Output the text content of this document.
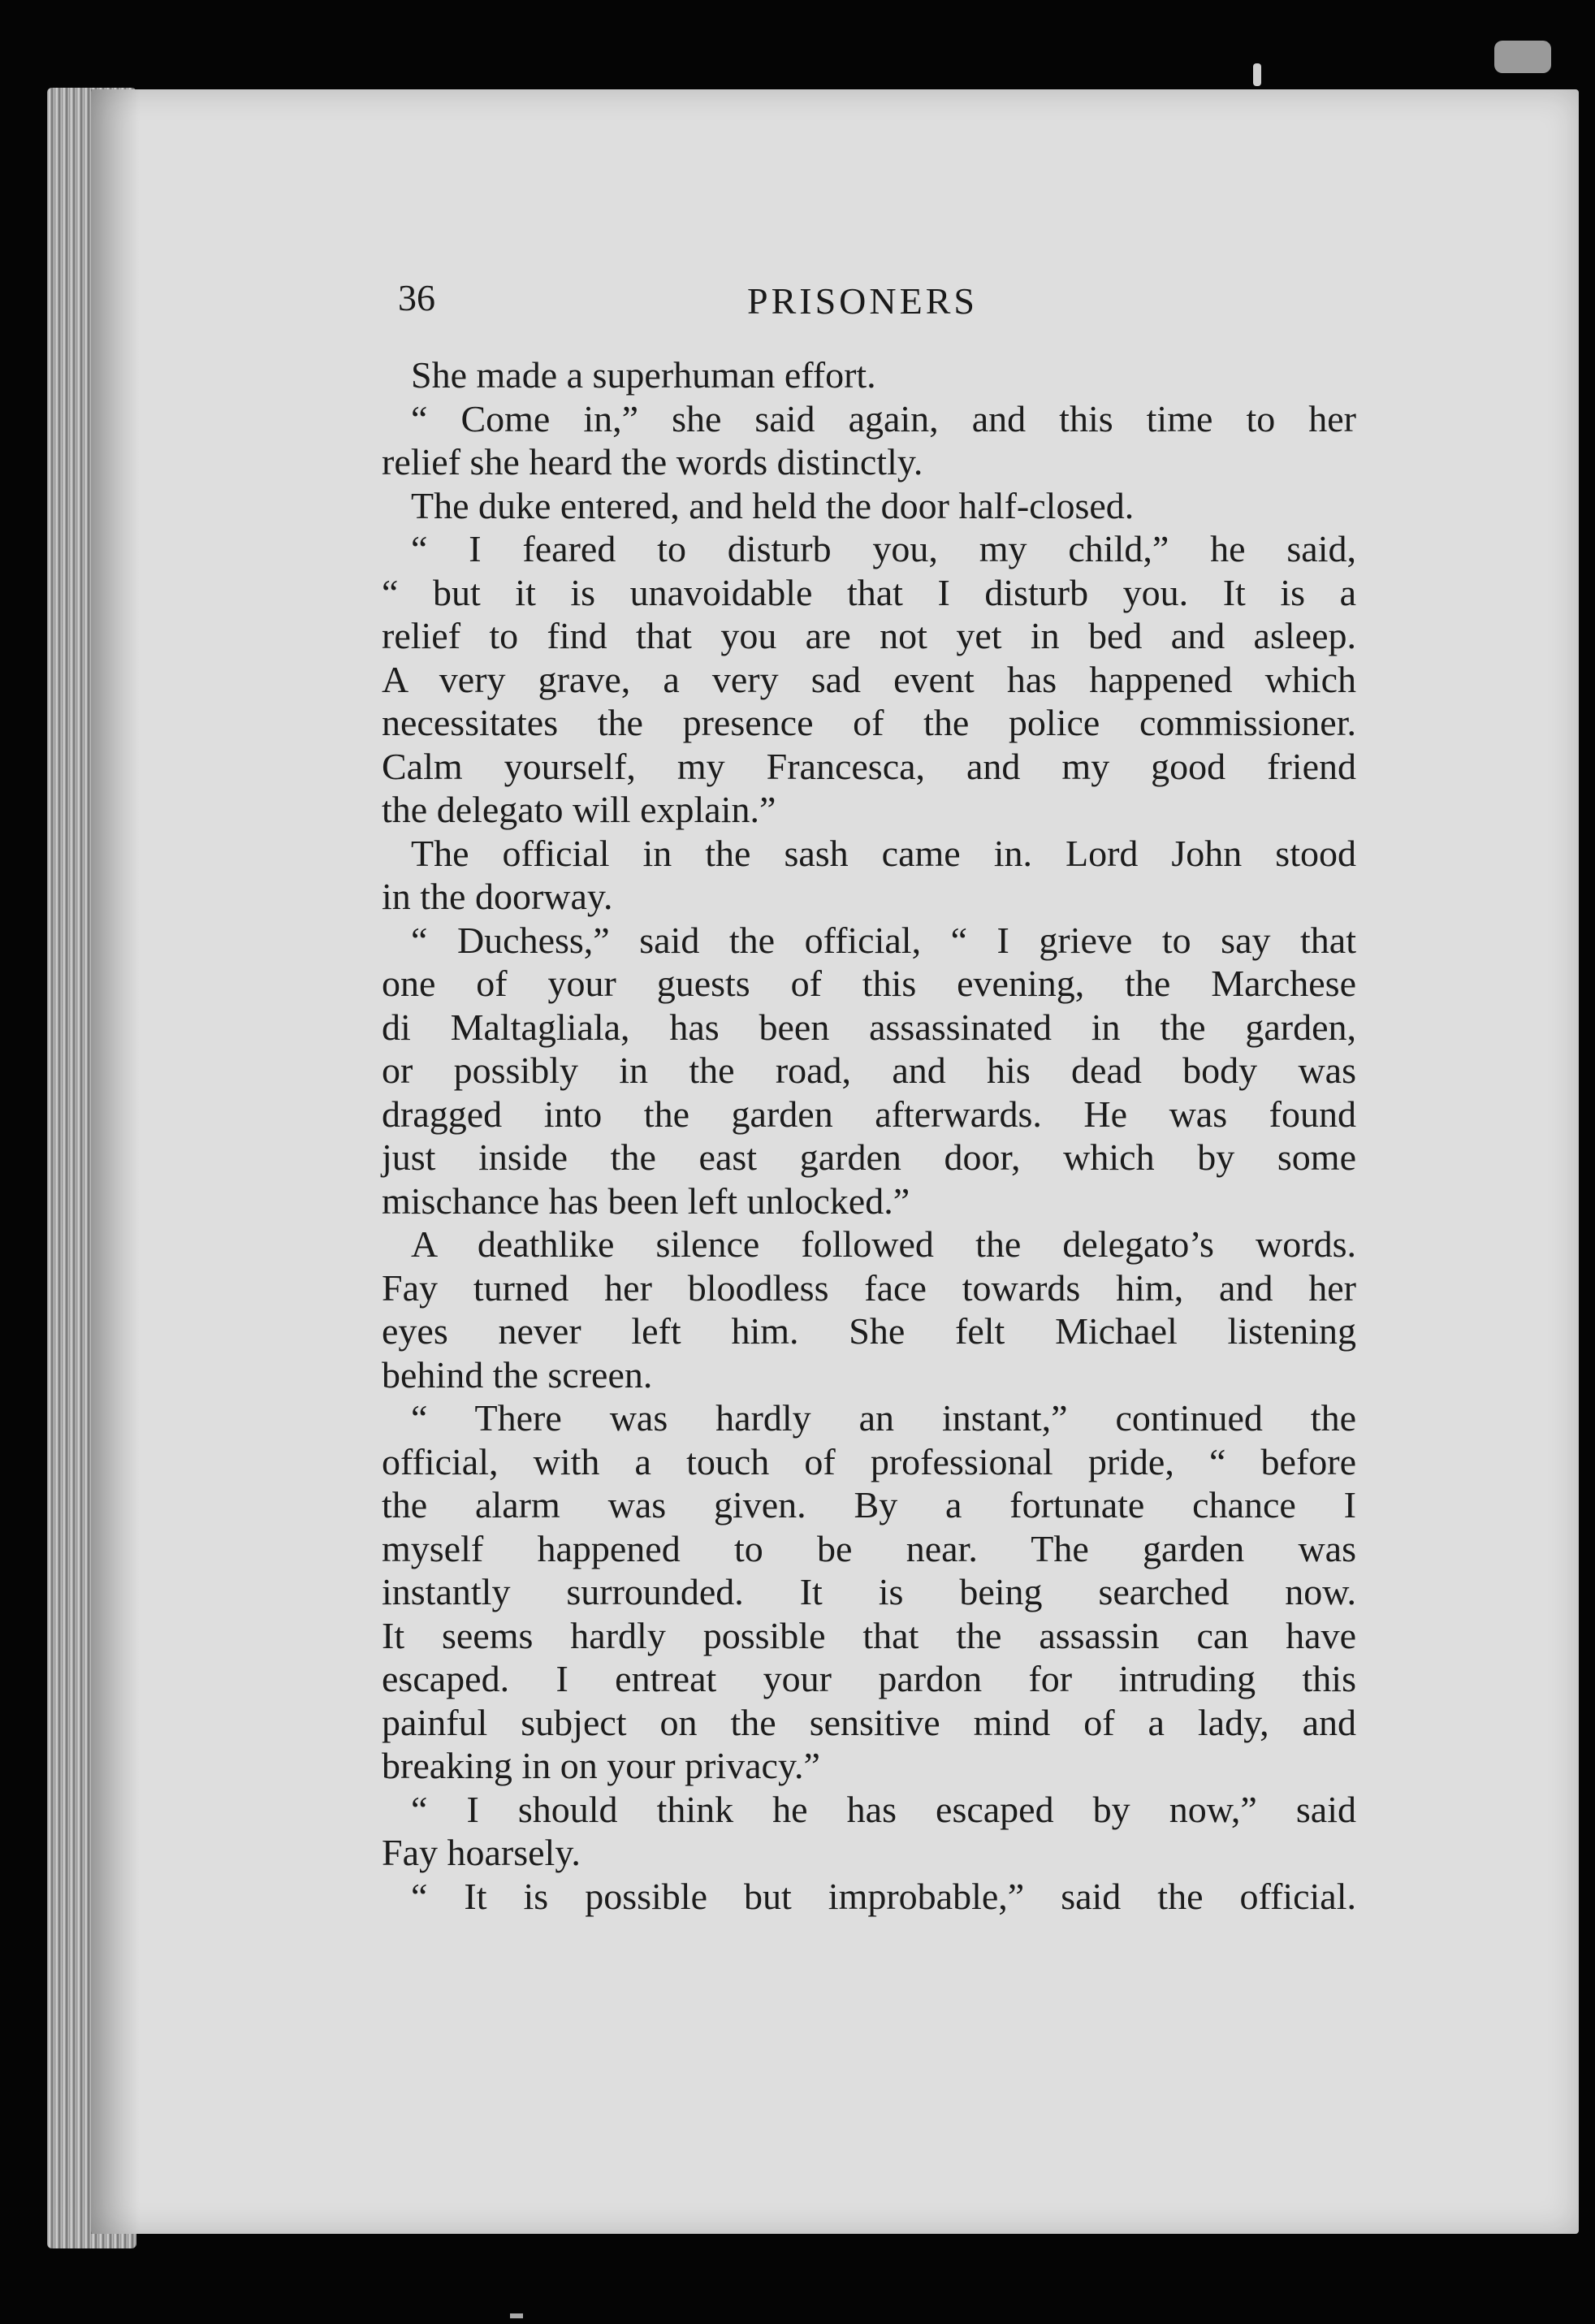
36	PRISONERS
She made a superhuman effort.
“ Come in,” she said again, and this time to her
relief she heard the words distinctly.
The duke entered, and held the door half-closed.
“ I feared to disturb you, my child,” he said,
“ but it is unavoidable that I disturb you. It is a
relief to find that you are not yet in bed and asleep.
A very grave, a very sad event has happened which
necessitates the presence of the police commissioner.
Calm yourself, my Francesca, and my good friend
the delegato will explain.”
The official in the sash came in. Lord John stood
in the doorway.
“ Duchess,” said the official, “ I grieve to say that
one of your guests of this evening, the Marchese
di Maltagliala, has been assassinated in the garden,
or possibly in the road, and his dead body was
dragged into the garden afterwards. He was found
just inside the east garden door, which by some
mischance has been left unlocked.”
A deathlike silence followed the delegato’s words.
Fay turned her bloodless face towards him, and her
eyes never left him. She felt Michael listening
behind the screen.
“ There was hardly an instant,” continued the
official, with a touch of professional pride, “ before
the alarm was given. By a fortunate chance I
myself happened to be near. The garden was
instantly surrounded. It is being searched now.
It seems hardly possible that the assassin can have
escaped. I entreat your pardon for intruding this
painful subject on the sensitive mind of a lady, and
breaking in on your privacy.”
“ I should think he has escaped by now,” said
Fay hoarsely.
“ It is possible but improbable,” said the official.
